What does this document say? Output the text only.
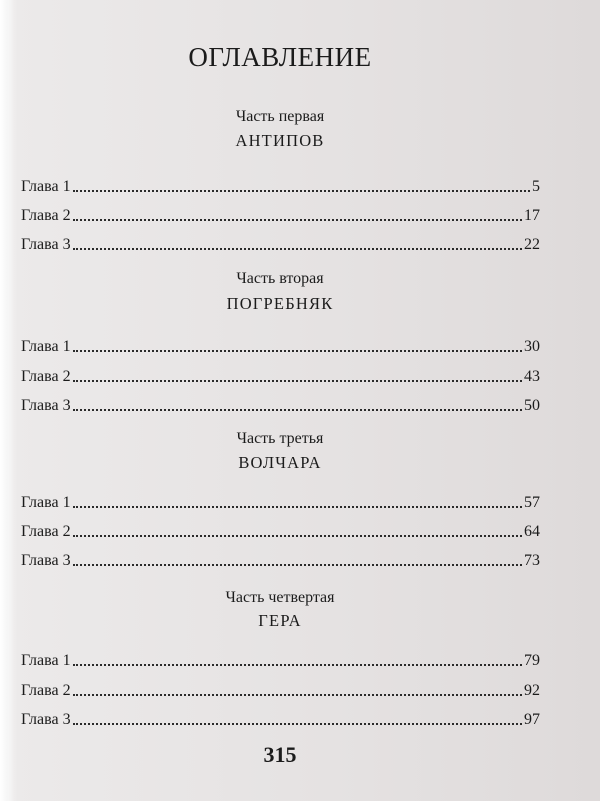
ОГЛАВЛЕНИЕ
Часть первая
АНТИПОВ
Глава 1	5
Глава 2	17
Глава 3	22
Часть вторая
ПОГРЕБНЯК
Глава 1	30
Глава 2	43
Глава 3	50
Часть третья
ВОЛЧАРА
Глава 1	57
Глава 2	64
Глава 3	73
Часть четвертая
ГЕРА
Глава 1	79
Глава 2	92
Глава 3	97
315
